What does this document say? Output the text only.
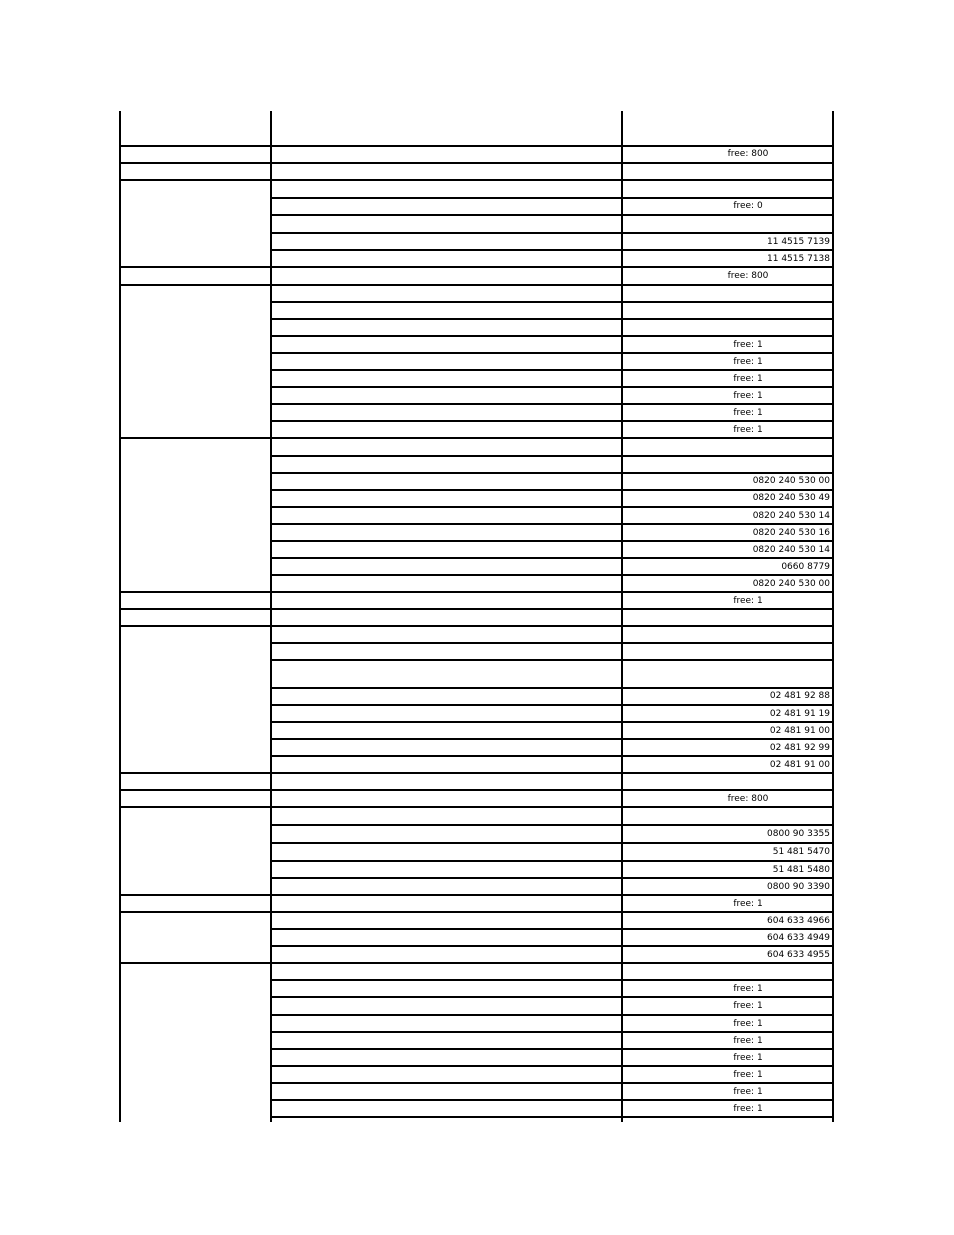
free: 800
free: 0
11 4515 7139
11 4515 7138
free: 800
free: 1
free: 1
free: 1
free: 1
free: 1
free: 1
0820 240 530 00
0820 240 530 49
0820 240 530 14
0820 240 530 16
0820 240 530 14
0660 8779
0820 240 530 00
free: 1
02 481 92 88
02 481 91 19
02 481 91 00
02 481 92 99
02 481 91 00
free: 800
0800 90 3355
51 481 5470
51 481 5480
0800 90 3390
free: 1
604 633 4966
604 633 4949
604 633 4955
free: 1
free: 1
free: 1
free: 1
free: 1
free: 1
free: 1
free: 1
